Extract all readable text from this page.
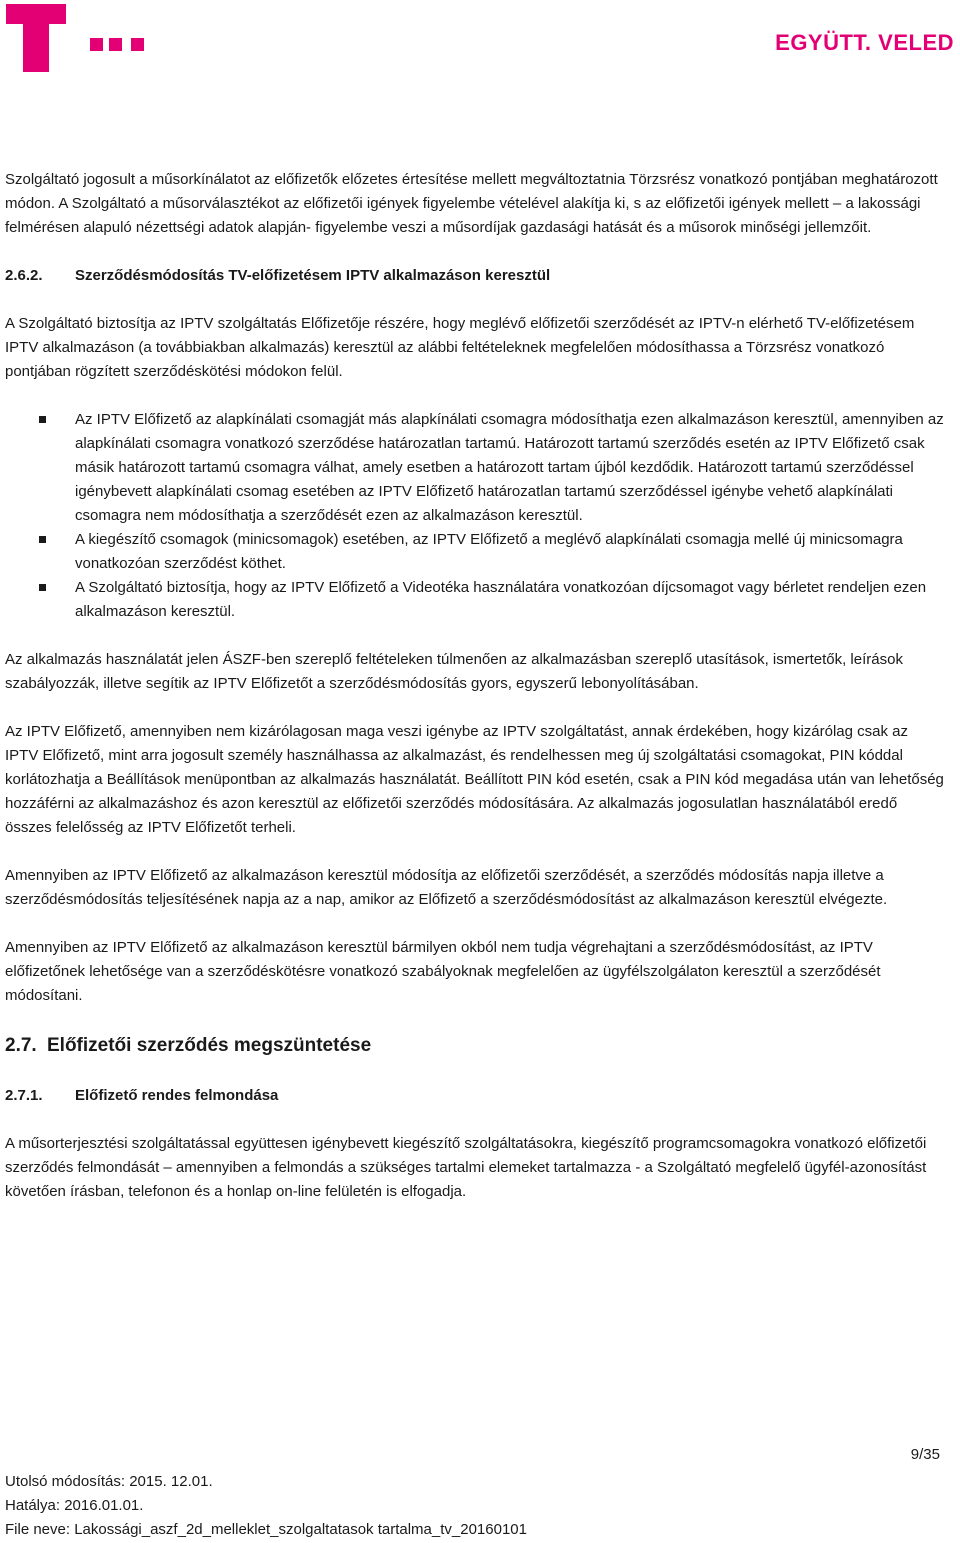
EGYÜTT. VELED

Szolgáltató jogosult a műsorkínálatot az előfizetők előzetes értesítése mellett megváltoztatnia Törzsrész vonatkozó pontjában meghatározott módon. A Szolgáltató a műsorválasztékot az előfizetői igények figyelembe vételével alakítja ki, s az előfizetői igények mellett – a lakossági felmérésen alapuló nézettségi adatok alapján- figyelembe veszi a műsordíjak gazdasági hatását és a műsorok minőségi jellemzőit.

2.6.2. Szerződésmódosítás TV-előfizetésem IPTV alkalmazáson keresztül

A Szolgáltató biztosítja az IPTV szolgáltatás Előfizetője részére, hogy meglévő előfizetői szerződését az IPTV-n elérhető TV-előfizetésem IPTV alkalmazáson (a továbbiakban alkalmazás) keresztül az alábbi feltételeknek megfelelően módosíthassa a Törzsrész vonatkozó pontjában rögzített szerződéskötési módokon felül.

Az IPTV Előfizető az alapkínálati csomagját más alapkínálati csomagra módosíthatja ezen alkalmazáson keresztül, amennyiben az alapkínálati csomagra vonatkozó szerződése határozatlan tartamú. Határozott tartamú szerződés esetén az IPTV Előfizető csak másik határozott tartamú csomagra válhat, amely esetben a határozott tartam újból kezdődik. Határozott tartamú szerződéssel igénybevett alapkínálati csomag esetében az IPTV Előfizető határozatlan tartamú szerződéssel igénybe vehető alapkínálati csomagra nem módosíthatja a szerződését ezen az alkalmazáson keresztül.
A kiegészítő csomagok (minicsomagok) esetében, az IPTV Előfizető a meglévő alapkínálati csomagja mellé új minicsomagra vonatkozóan szerződést köthet.
A Szolgáltató biztosítja, hogy az IPTV Előfizető a Videotéka használatára vonatkozóan díjcsomagot vagy bérletet rendeljen ezen alkalmazáson keresztül.

Az alkalmazás használatát jelen ÁSZF-ben szereplő feltételeken túlmenően az alkalmazásban szereplő utasítások, ismertetők, leírások szabályozzák, illetve segítik az IPTV Előfizetőt a szerződésmódosítás gyors, egyszerű lebonyolításában.

Az IPTV Előfizető, amennyiben nem kizárólagosan maga veszi igénybe az IPTV szolgáltatást, annak érdekében, hogy kizárólag csak az IPTV Előfizető, mint arra jogosult személy használhassa az alkalmazást, és rendelhessen meg új szolgáltatási csomagokat, PIN kóddal korlátozhatja a Beállítások menüpontban az alkalmazás használatát. Beállított PIN kód esetén, csak a PIN kód megadása után van lehetőség hozzáférni az alkalmazáshoz és azon keresztül az előfizetői szerződés módosítására. Az alkalmazás jogosulatlan használatából eredő összes felelősség az IPTV Előfizetőt terheli.

Amennyiben az IPTV Előfizető az alkalmazáson keresztül módosítja az előfizetői szerződését, a szerződés módosítás napja illetve a szerződésmódosítás teljesítésének napja az a nap, amikor az Előfizető a szerződésmódosítást az alkalmazáson keresztül elvégezte.

Amennyiben az IPTV Előfizető az alkalmazáson keresztül bármilyen okból nem tudja végrehajtani a szerződésmódosítást, az IPTV előfizetőnek lehetősége van a szerződéskötésre vonatkozó szabályoknak megfelelően az ügyfélszolgálaton keresztül a szerződését módosítani.

2.7. Előfizetői szerződés megszüntetése
2.7.1. Előfizető rendes felmondása

A műsorterjesztési szolgáltatással együttesen igénybevett kiegészítő szolgáltatásokra, kiegészítő programcsomagokra vonatkozó előfizetői szerződés felmondását – amennyiben a felmondás a szükséges tartalmi elemeket tartalmazza - a Szolgáltató megfelelő ügyfél-azonosítást követően írásban, telefonon és a honlap on-line felületén is elfogadja.

9/35
Utolsó módosítás: 2015. 12.01.
Hatálya: 2016.01.01.
File neve: Lakossági_aszf_2d_melleklet_szolgaltatasok tartalma_tv_20160101
